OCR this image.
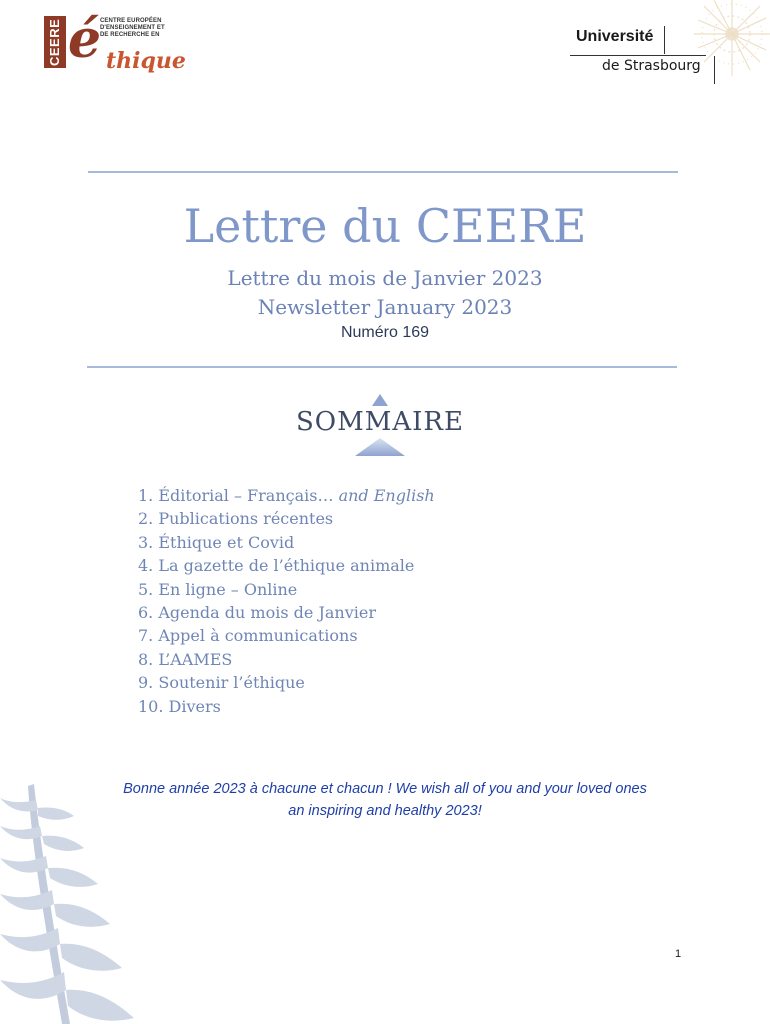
CEERE é
CENTRE EUROPÉEN
D'ENSEIGNEMENT ET
DE RECHERCHE EN
thique
Université
de Strasbourg
Lettre du CEERE
Lettre du mois de Janvier 2023
Newsletter January 2023
Numéro 169
SOMMAIRE
1. Éditorial – Français… and English
2. Publications récentes
3. Éthique et Covid
4. La gazette de l’éthique animale
5. En ligne – Online
6. Agenda du mois de Janvier
7. Appel à communications
8. L’AAMES
9. Soutenir l’éthique
10. Divers
Bonne année 2023 à chacune et chacun ! We wish all of you and your loved ones
an inspiring and healthy 2023!
1
